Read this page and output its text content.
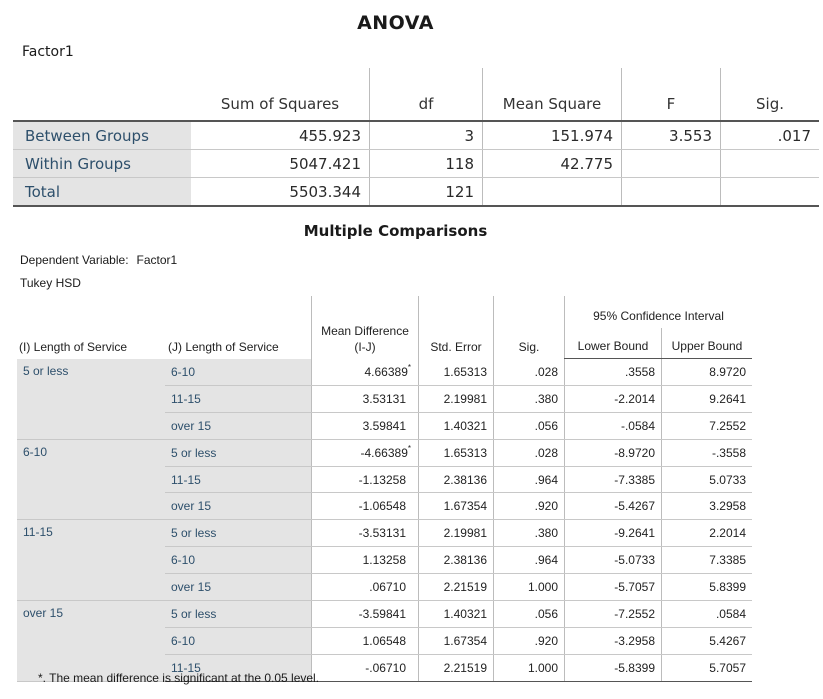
ANOVA
Factor1
	Sum of Squares	df	Mean Square	F	Sig.
Between Groups	455.923	3	151.974	3.553	.017
Within Groups	5047.421	118	42.775		
Total	5503.344	121			
Multiple Comparisons
Dependent Variable: Factor1
Tukey HSD
(I) Length of Service	(J) Length of Service	Mean Difference (I-J)	Std. Error	Sig.	95% Confidence Interval	
					Lower Bound	Upper Bound
5 or less	6-10	4.66389*	1.65313	.028	.3558	8.9720
	11-15	3.53131	2.19981	.380	-2.2014	9.2641
	over 15	3.59841	1.40321	.056	-.0584	7.2552
6-10	5 or less	-4.66389*	1.65313	.028	-8.9720	-.3558
	11-15	-1.13258	2.38136	.964	-7.3385	5.0733
	over 15	-1.06548	1.67354	.920	-5.4267	3.2958
11-15	5 or less	-3.53131	2.19981	.380	-9.2641	2.2014
	6-10	1.13258	2.38136	.964	-5.0733	7.3385
	over 15	.06710	2.21519	1.000	-5.7057	5.8399
over 15	5 or less	-3.59841	1.40321	.056	-7.2552	.0584
	6-10	1.06548	1.67354	.920	-3.2958	5.4267
	11-15	-.06710	2.21519	1.000	-5.8399	5.7057
*. The mean difference is significant at the 0.05 level.
